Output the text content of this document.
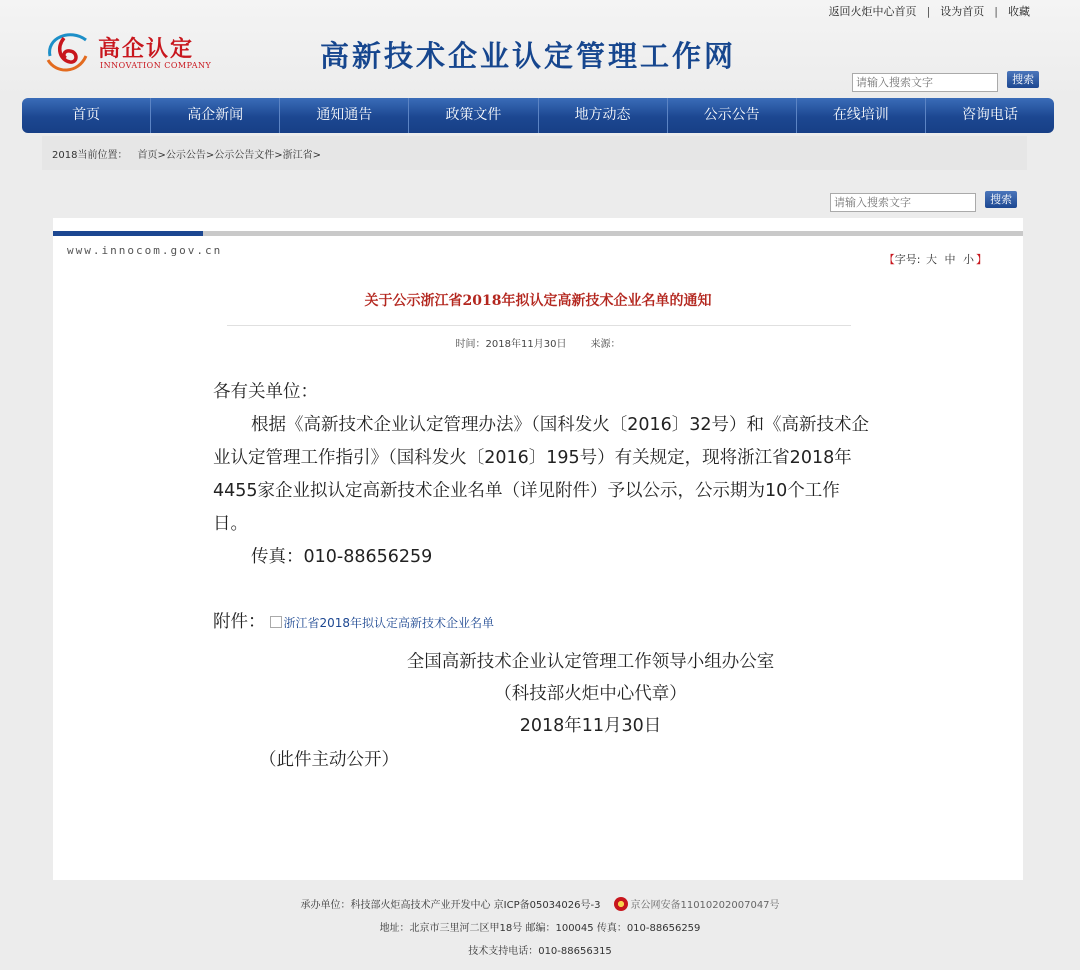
返回火炬中心首页 | 设为首页 | 收藏
高企认定
INNOVATION COMPANY	高新技术企业认定管理工作网
请输入搜索文字 搜索
首页	高企新闻	通知通告	政策文件	地方动态	公示公告	在线培训	咨询电话
2018当前位置： 首页>公示公告>公示公告文件>浙江省>
请输入搜索文字 搜索
www.innocom.gov.cn
【字号: 大 中 小 】
关于公示浙江省2018年拟认定高新技术企业名单的通知
时间：2018年11月30日 来源：

各有关单位：

根据《高新技术企业认定管理办法》（国科发火〔2016〕32号）和《高新技术企业认定管理工作指引》（国科发火〔2016〕195号）有关规定，现将浙江省2018年4455家企业拟认定高新技术企业名单（详见附件）予以公示，公示期为10个工作日。

传真：010-88656259

附件： 浙江省2018年拟认定高新技术企业名单
全国高新技术企业认定管理工作领导小组办公室
（科技部火炬中心代章）
2018年11月30日
（此件主动公开）
承办单位：科技部火炬高技术产业开发中心 京ICP备05034026号-3	京公网安备11010202007047号
地址：北京市三里河二区甲18号 邮编：100045 传真：010-88656259
技术支持电话：010-88656315
